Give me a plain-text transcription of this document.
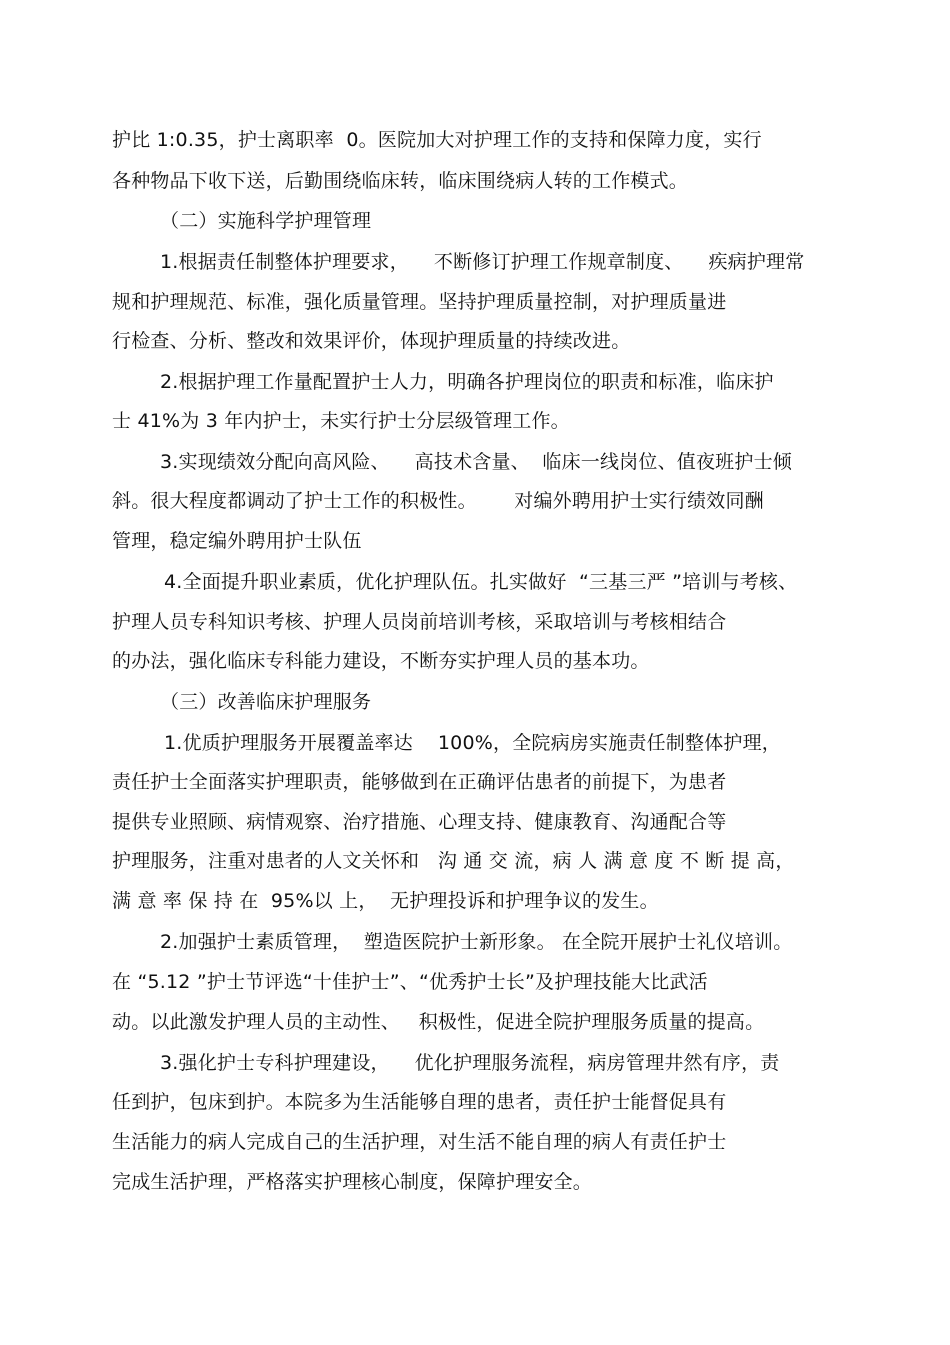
护比 1:0.35，护士离职率  0。医院加大对护理工作的支持和保障力度，实行
各种物品下收下送，后勤围绕临床转，临床围绕病人转的工作模式。
（二）实施科学护理管理
1.根据责任制整体护理要求，    不断修订护理工作规章制度、    疾病护理常
规和护理规范、标准，强化质量管理。坚持护理质量控制，对护理质量进
行检查、分析、整改和效果评价，体现护理质量的持续改进。
2.根据护理工作量配置护士人力，明确各护理岗位的职责和标准，临床护
士 41%为 3 年内护士，未实行护士分层级管理工作。
3.实现绩效分配向高风险、    高技术含量、  临床一线岗位、值夜班护士倾
斜。很大程度都调动了护士工作的积极性。      对编外聘用护士实行绩效同酬
管理，稳定编外聘用护士队伍
4.全面提升职业素质，优化护理队伍。扎实做好  “三基三严 ”培训与考核、
护理人员专科知识考核、护理人员岗前培训考核，采取培训与考核相结合
的办法，强化临床专科能力建设，不断夯实护理人员的基本功。
（三）改善临床护理服务
1.优质护理服务开展覆盖率达    100%，全院病房实施责任制整体护理，
责任护士全面落实护理职责，能够做到在正确评估患者的前提下，为患者
提供专业照顾、病情观察、治疗措施、心理支持、健康教育、沟通配合等
护理服务，注重对患者的人文关怀和   沟 通 交 流，病 人 满 意 度 不 断 提 高，
满 意 率 保 持 在  95%以 上，  无护理投诉和护理争议的发生。
2.加强护士素质管理，  塑造医院护士新形象。 在全院开展护士礼仪培训。
在 “5.12 ”护士节评选“十佳护士”、“优秀护士长”及护理技能大比武活
动。以此激发护理人员的主动性、   积极性，促进全院护理服务质量的提高。
3.强化护士专科护理建设，    优化护理服务流程，病房管理井然有序，责
任到护，包床到护。本院多为生活能够自理的患者，责任护士能督促具有
生活能力的病人完成自己的生活护理，对生活不能自理的病人有责任护士
完成生活护理，严格落实护理核心制度，保障护理安全。
